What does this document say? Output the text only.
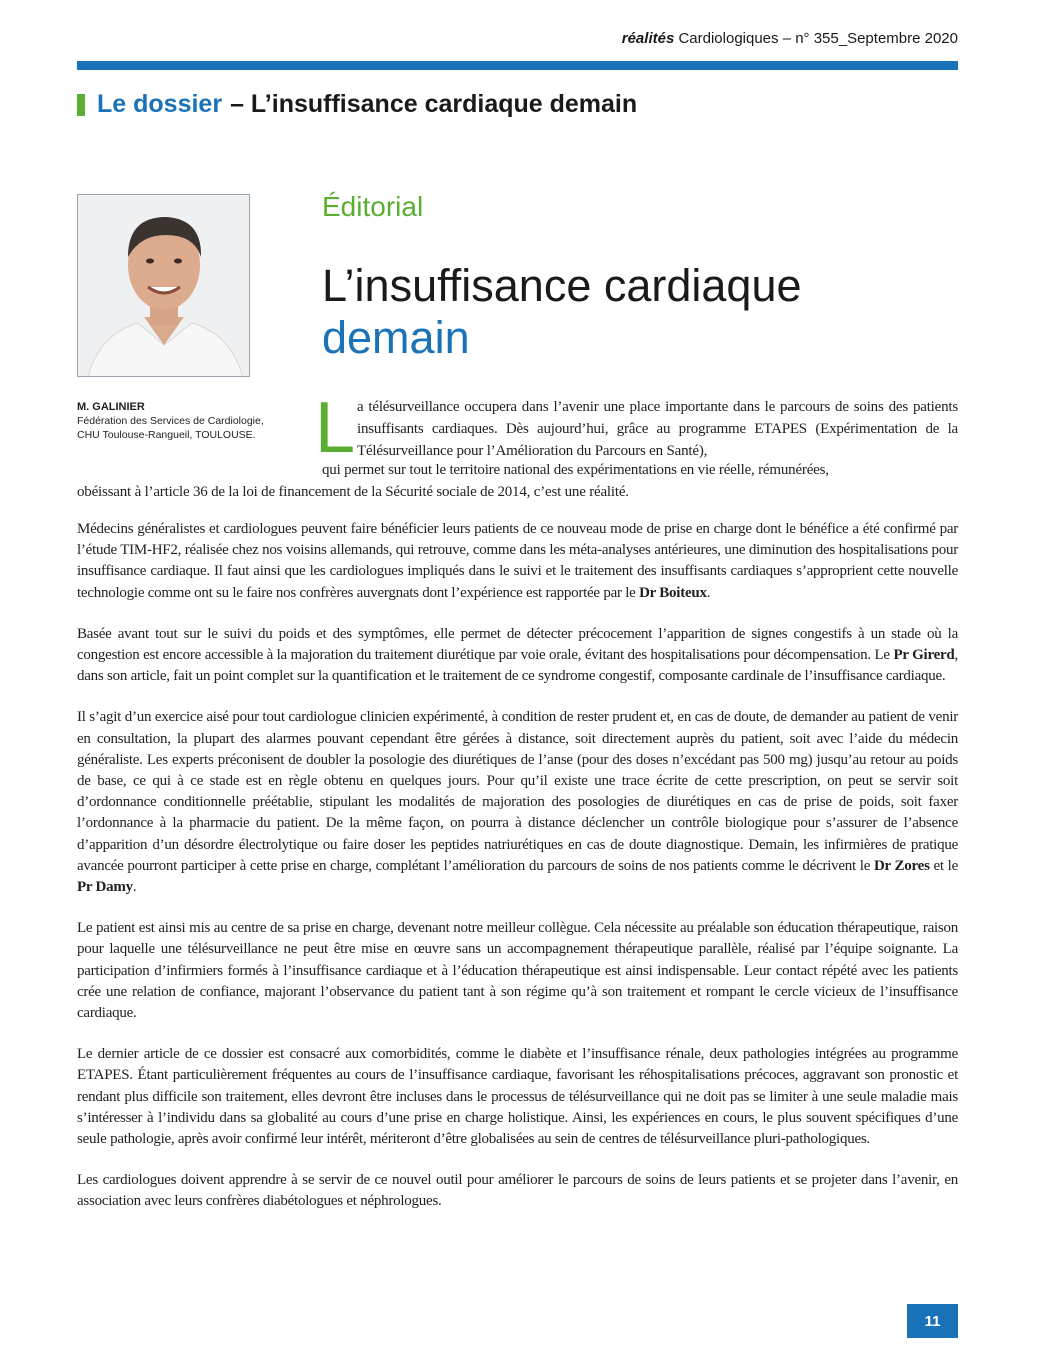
réalités Cardiologiques – n° 355_Septembre 2020
Le dossier – L’insuffisance cardiaque demain
M. GALINIER
Fédération des Services de Cardiologie,
CHU Toulouse-Rangueil, TOULOUSE.
Éditorial
L’insuffisance cardiaque
demain
L a télésurveillance occupera dans l’avenir une place importante dans le parcours de soins des patients insuffisants cardiaques. Dès aujourd’hui, grâce au programme ETAPES (Expérimentation de la Télésurveillance pour l’Amélioration du Parcours en Santé),
qui permet sur tout le territoire national des expérimentations en vie réelle, rémunérées,
obéissant à l’article 36 de la loi de financement de la Sécurité sociale de 2014, c’est une réalité.

Médecins généralistes et cardiologues peuvent faire bénéficier leurs patients de ce nouveau mode de prise en charge dont le bénéfice a été confirmé par l’étude TIM-HF2, réalisée chez nos voisins allemands, qui retrouve, comme dans les méta-analyses antérieures, une diminution des hospitalisations pour insuffisance cardiaque. Il faut ainsi que les cardiologues impliqués dans le suivi et le traitement des insuffisants cardiaques s’approprient cette nouvelle technologie comme ont su le faire nos confrères auvergnats dont l’expérience est rapportée par le Dr Boiteux.

Basée avant tout sur le suivi du poids et des symptômes, elle permet de détecter précocement l’apparition de signes congestifs à un stade où la congestion est encore accessible à la majoration du traitement diurétique par voie orale, évitant des hospitalisations pour décompensation. Le Pr Girerd, dans son article, fait un point complet sur la quantification et le traitement de ce syndrome congestif, composante cardinale de l’insuffisance cardiaque.

Il s’agit d’un exercice aisé pour tout cardiologue clinicien expérimenté, à condition de rester prudent et, en cas de doute, de demander au patient de venir en consultation, la plupart des alarmes pouvant cependant être gérées à distance, soit directement auprès du patient, soit avec l’aide du médecin généraliste. Les experts préconisent de doubler la posologie des diurétiques de l’anse (pour des doses n’excédant pas 500 mg) jusqu’au retour au poids de base, ce qui à ce stade est en règle obtenu en quelques jours. Pour qu’il existe une trace écrite de cette prescription, on peut se servir soit d’ordonnance conditionnelle préétablie, stipulant les modalités de majoration des posologies de diurétiques en cas de prise de poids, soit faxer l’ordonnance à la pharmacie du patient. De la même façon, on pourra à distance déclencher un contrôle biologique pour s’assurer de l’absence d’apparition d’un désordre électrolytique ou faire doser les peptides natriurétiques en cas de doute diagnostique. Demain, les infirmières de pratique avancée pourront participer à cette prise en charge, complétant l’amélioration du parcours de soins de nos patients comme le décrivent le Dr Zores et le Pr Damy.

Le patient est ainsi mis au centre de sa prise en charge, devenant notre meilleur collègue. Cela nécessite au préalable son éducation thérapeutique, raison pour laquelle une télésurveillance ne peut être mise en œuvre sans un accompagnement thérapeutique parallèle, réalisé par l’équipe soignante. La participation d’infirmiers formés à l’insuffisance cardiaque et à l’éducation thérapeutique est ainsi indispensable. Leur contact répété avec les patients crée une relation de confiance, majorant l’observance du patient tant à son régime qu’à son traitement et rompant le cercle vicieux de l’insuffisance cardiaque.

Le dernier article de ce dossier est consacré aux comorbidités, comme le diabète et l’insuffisance rénale, deux pathologies intégrées au programme ETAPES. Étant particulièrement fréquentes au cours de l’insuffisance cardiaque, favorisant les réhospitalisations précoces, aggravant son pronostic et rendant plus difficile son traitement, elles devront être incluses dans le processus de télésurveillance qui ne doit pas se limiter à une seule maladie mais s’intéresser à l’individu dans sa globalité au cours d’une prise en charge holistique. Ainsi, les expériences en cours, le plus souvent spécifiques d’une seule pathologie, après avoir confirmé leur intérêt, mériteront d’être globalisées au sein de centres de télésurveillance pluri-pathologiques.

Les cardiologues doivent apprendre à se servir de ce nouvel outil pour améliorer le parcours de soins de leurs patients et se projeter dans l’avenir, en association avec leurs confrères diabétologues et néphrologues.

11
